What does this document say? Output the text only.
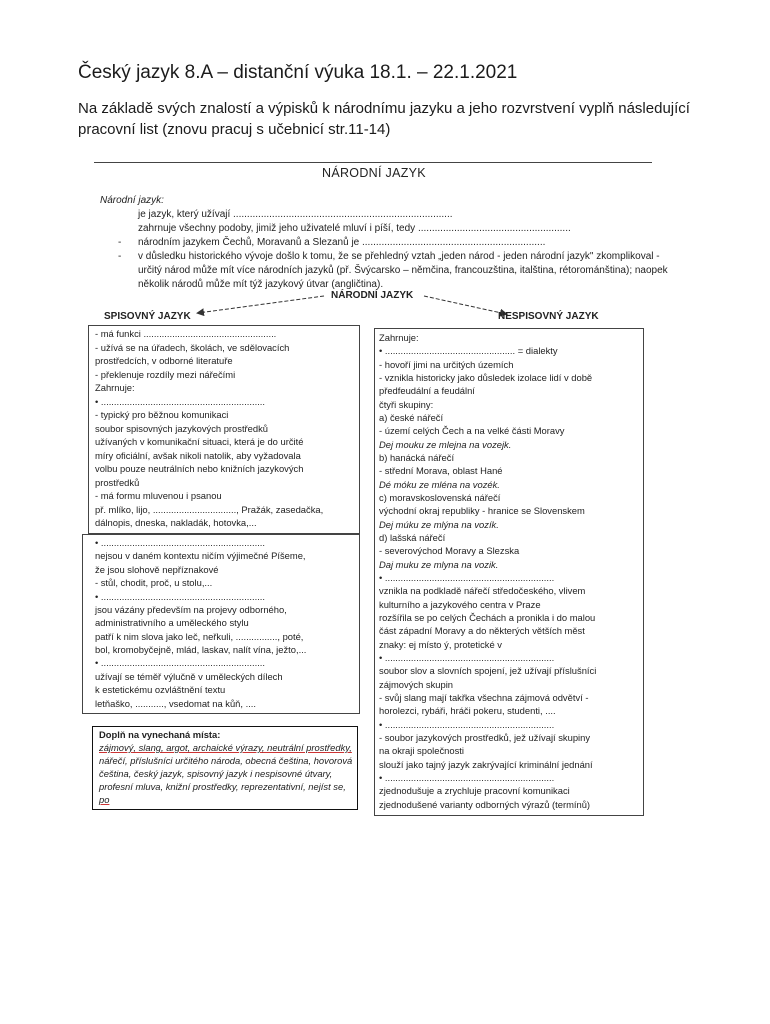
Český jazyk 8.A – distanční výuka 18.1. – 22.1.2021

Na základě svých znalostí a výpisků k národnímu jazyku a jeho rozvrstvení vyplň následující pracovní list (znovu pracuj s učebnicí str.11-14)

NÁRODNÍ JAZYK
Národní jazyk:
je jazyk, který užívají ...............................................................................
zahrnuje všechny podoby, jimiž jeho uživatelé mluví i píší, tedy .......................................................
- národním jazykem Čechů, Moravanů a Slezanů je ..................................................................
- v důsledku historického vývoje došlo k tomu, že se přehledný vztah „jeden národ - jeden národní jazyk" zkomplikoval -
určitý národ může mít více národních jazyků (př. Švýcarsko – němčina, francouzština, italština, rétorománština); naopek
několik národů může mít týž jazykový útvar (angličtina).
NÁRODNÍ JAZYK
SPISOVNÝ JAZYK	NESPISOVNÝ JAZYK
- má funkci ...................................................
- užívá se na úřadech, školách, ve sdělovacích
prostředcích, v odborné literatuře
- překlenuje rozdíly mezi nářečími
Zahrnuje:
• ...............................................................
- typický pro běžnou komunikaci
soubor spisovných jazykových prostředků
užívaných v komunikační situaci, která je do určité
míry oficiální, avšak nikoli natolik, aby vyžadovala
volbu pouze neutrálních nebo knižních jazykových
prostředků
- má formu mluvenou i psanou
př. mlíko, lijo, ................................, Pražák, zasedačka,
dálnopis, dneska, nakladák, hotovka,...
• ...............................................................
nejsou v daném kontextu ničím výjimečné Píšeme,
že jsou slohově nepříznakové
- stůl, chodit, proč, u stolu,...
• ...............................................................
jsou vázány především na projevy odborného,
administrativního a uměleckého stylu
patří k nim slova jako leč, neřkuli, ................, poté,
bol, kromobyčejně, mlád, laskav, nalít vína, ježto,...
• ...............................................................
užívají se téměř výlučně v uměleckých dílech
k estetickému ozvláštnění textu
letňaško, ..........., vsedomat na kůň, ....
Doplň na vynechaná místa:
zájmový, slang, argot, archaické výrazy, neutrální prostředky,
nářečí, příslušníci určitého národa, obecná čeština, hovorová
čeština, český jazyk, spisovný jazyk i nespisovné útvary,
profesní mluva, knižní prostředky, reprezentativní, nejíst se,
po
Zahrnuje:
• .................................................. = dialekty
- hovoří jimi na určitých územích
- vznikla historicky jako důsledek izolace lidí v době
předfeudální a feudální
čtyři skupiny:
a) české nářečí
- území celých Čech a na velké části Moravy
Dej mouku ze mlejna na vozejk.
b) hanácká nářečí
- střední Morava, oblast Hané
Dé móku ze mléna na vozék.
c) moravskoslovenská nářečí
východní okraj republiky - hranice se Slovenskem
Dej múku ze mlýna na vozík.
d) lašská nářečí
- severovýchod Moravy a Slezska
Daj muku ze mlyna na vozik.
• .................................................................
vznikla na podkladě nářečí středočeského, vlivem
kulturního a jazykového centra v Praze
rozšířila se po celých Čechách a pronikla i do malou
část západní Moravy a do některých větších měst
znaky: ej místo ý, protetické v
• .................................................................
soubor slov a slovních spojení, jež užívají příslušníci
zájmových skupin
- svůj slang mají takřka všechna zájmová odvětví -
horolezci, rybáři, hráči pokeru, studenti, ....
• .................................................................
- soubor jazykových prostředků, jež užívají skupiny
na okraji společnosti
slouží jako tajný jazyk zakrývající kriminální jednání
• .................................................................
zjednodušuje a zrychluje pracovní komunikaci
zjednodušené varianty odborných výrazů (termínů)
